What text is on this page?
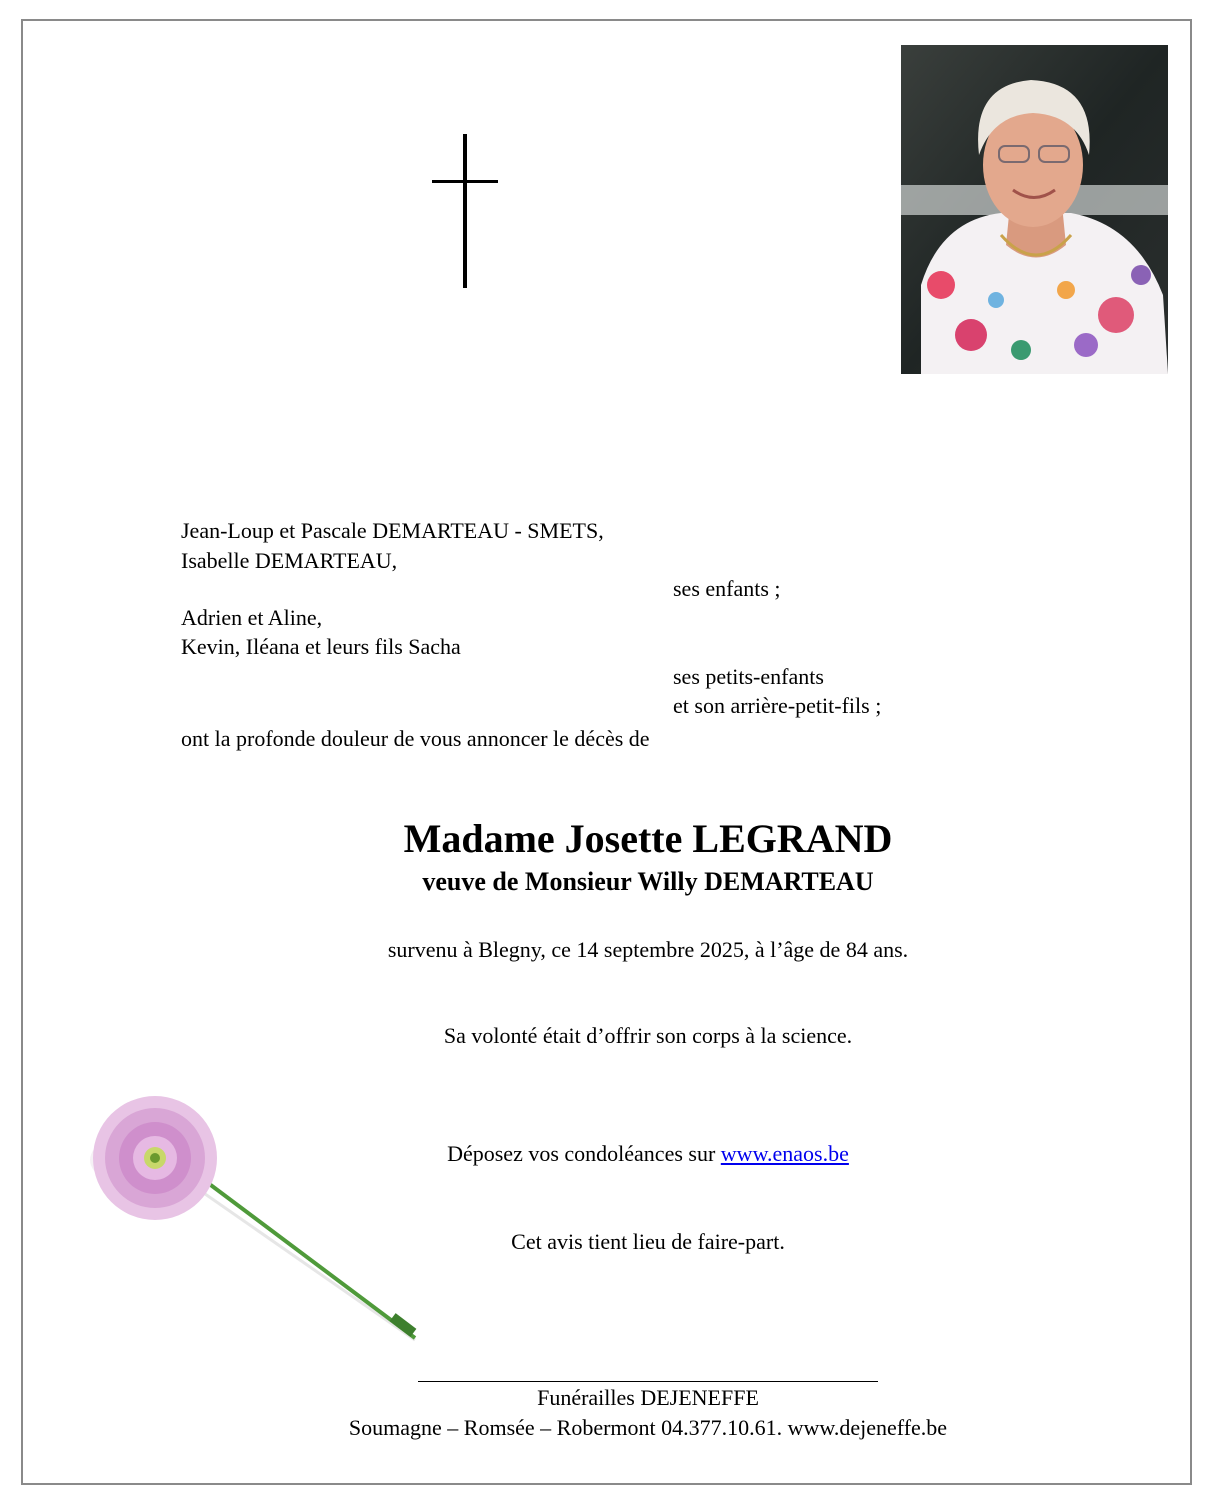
Jean-Loup et Pascale DEMARTEAU - SMETS,
Isabelle DEMARTEAU,
ses enfants ;
Adrien et Aline,
Kevin, Iléana et leurs fils Sacha
ses petits-enfants
et son arrière-petit-fils ;
ont la profonde douleur de vous annoncer le décès de
Madame Josette LEGRAND
veuve de Monsieur Willy DEMARTEAU
survenu à Blegny, ce 14 septembre 2025, à l’âge de 84 ans.
Sa volonté était d’offrir son corps à la science.
Déposez vos condoléances sur www.enaos.be
Cet avis tient lieu de faire-part.
Funérailles DEJENEFFE
Soumagne – Romsée – Robermont 04.377.10.61. www.dejeneffe.be
